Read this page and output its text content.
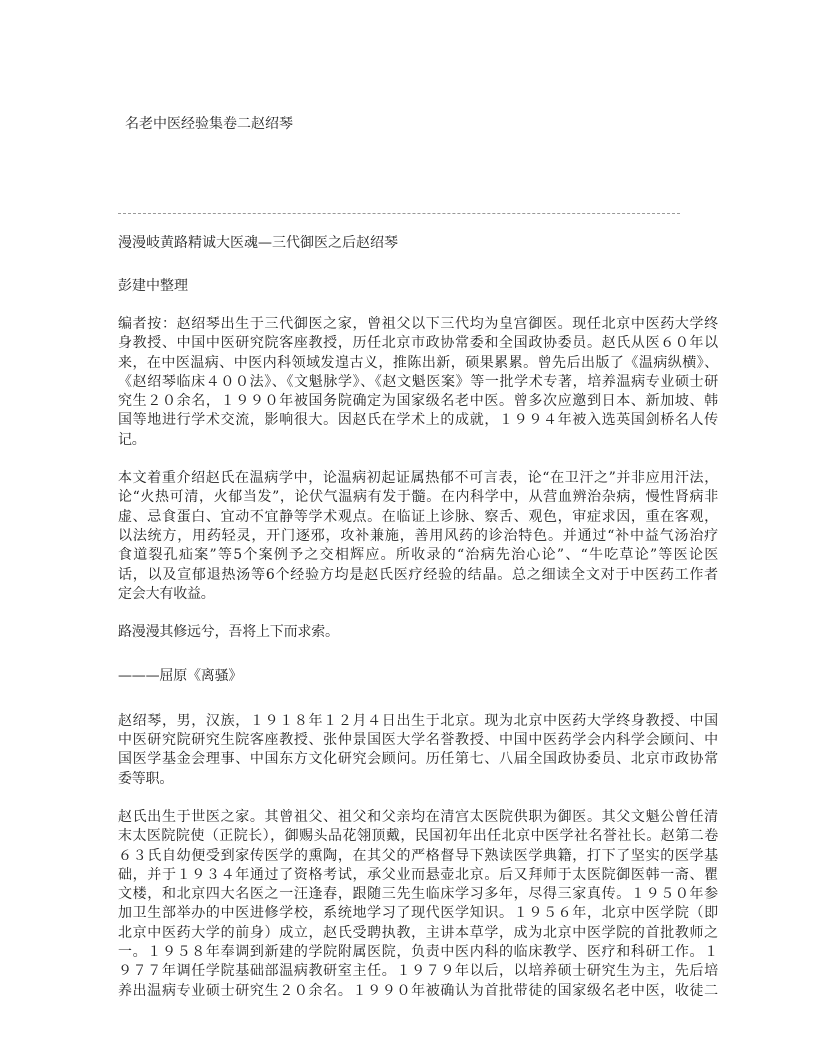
名老中医经验集卷二赵绍琴
漫漫岐黄路精诚大医魂—三代御医之后赵绍琴
彭建中整理
编者按：赵绍琴出生于三代御医之家，曾祖父以下三代均为皇宫御医。现任北京中医药大学终
身教授、中国中医研究院客座教授，历任北京市政协常委和全国政协委员。赵氏从医６０年以
来，在中医温病、中医内科领域发遑古义，推陈出新，硕果累累。曾先后出版了《温病纵横》、
《赵绍琴临床４００法》、《文魁脉学》、《赵文魁医案》等一批学术专著，培养温病专业硕士研
究生２０余名，１９９０年被国务院确定为国家级名老中医。曾多次应邀到日本、新加坡、韩
国等地进行学术交流，影响很大。因赵氏在学术上的成就，１９９４年被入选英国剑桥名人传
记。
本文着重介绍赵氏在温病学中，论温病初起证属热郁不可言表，论“在卫汗之”并非应用汗法，
论“火热可清，火郁当发”，论伏气温病有发于髓。在内科学中，从营血辨治杂病，慢性肾病非
虚、忌食蛋白、宜动不宜静等学术观点。在临证上诊脉、察舌、观色，审症求因，重在客观，
以法统方，用药轻灵，开门逐邪，攻补兼施，善用风药的诊治特色。并通过“补中益气汤治疗
食道裂孔疝案”等5个案例予之交相辉应。所收录的“治病先治心论”、“牛吃草论”等医论医
话，以及宣郁退热汤等6个经验方均是赵氏医疗经验的结晶。总之细读全文对于中医药工作者
定会大有收益。
路漫漫其修远兮，吾将上下而求索。
———屈原《离骚》
赵绍琴，男，汉族，１９１８年１２月４日出生于北京。现为北京中医药大学终身教授、中国
中医研究院研究生院客座教授、张仲景国医大学名誉教授、中国中医药学会内科学会顾问、中
国医学基金会理事、中国东方文化研究会顾问。历任第七、八届全国政协委员、北京市政协常
委等职。
赵氏出生于世医之家。其曾祖父、祖父和父亲均在清宫太医院供职为御医。其父文魁公曾任清
末太医院院使（正院长），御赐头品花翎顶戴，民国初年出任北京中医学社名誉社长。赵第二卷
６３氏自幼便受到家传医学的熏陶，在其父的严格督导下熟读医学典籍，打下了坚实的医学基
础，并于１９３４年通过了资格考试，承父业而悬壶北京。后又拜师于太医院御医韩一斋、瞿
文楼，和北京四大名医之一汪逢春，跟随三先生临床学习多年，尽得三家真传。１９５０年参
加卫生部举办的中医进修学校，系统地学习了现代医学知识。１９５６年，北京中医学院（即
北京中医药大学的前身）成立，赵氏受聘执教，主讲本草学，成为北京中医学院的首批教师之
一。１９５８年奉调到新建的学院附属医院，负责中医内科的临床教学、医疗和科研工作。１
９７７年调任学院基础部温病教研室主任。１９７９年以后，以培养硕士研究生为主，先后培
养出温病专业硕士研究生２０余名。１９９０年被确认为首批带徒的国家级名老中医，收徒二
